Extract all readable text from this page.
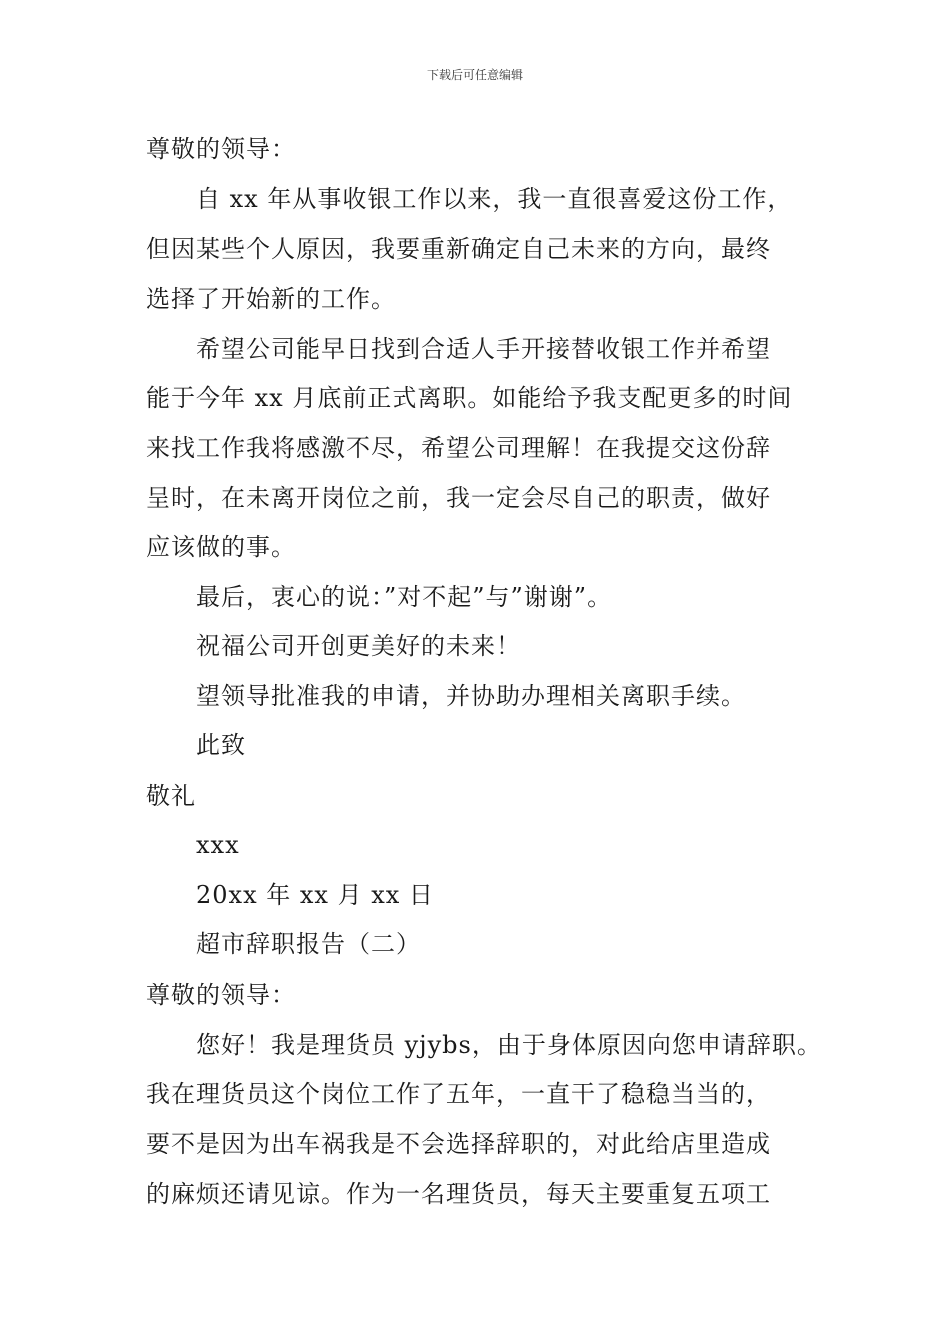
下载后可任意编辑
尊敬的领导：
自 xx 年从事收银工作以来，我一直很喜爱这份工作，
但因某些个人原因，我要重新确定自己未来的方向，最终
选择了开始新的工作。
希望公司能早日找到合适人手开接替收银工作并希望
能于今年 xx 月底前正式离职。如能给予我支配更多的时间
来找工作我将感激不尽，希望公司理解！在我提交这份辞
呈时，在未离开岗位之前，我一定会尽自己的职责，做好
应该做的事。
最后，衷心的说：”对不起”与”谢谢”。
祝福公司开创更美好的未来！
望领导批准我的申请，并协助办理相关离职手续。
此致
敬礼
xxx
20xx 年 xx 月 xx 日
超市辞职报告（二）
尊敬的领导：
您好！我是理货员 yjybs，由于身体原因向您申请辞职。
我在理货员这个岗位工作了五年，一直干了稳稳当当的，
要不是因为出车祸我是不会选择辞职的，对此给店里造成
的麻烦还请见谅。作为一名理货员，每天主要重复五项工
